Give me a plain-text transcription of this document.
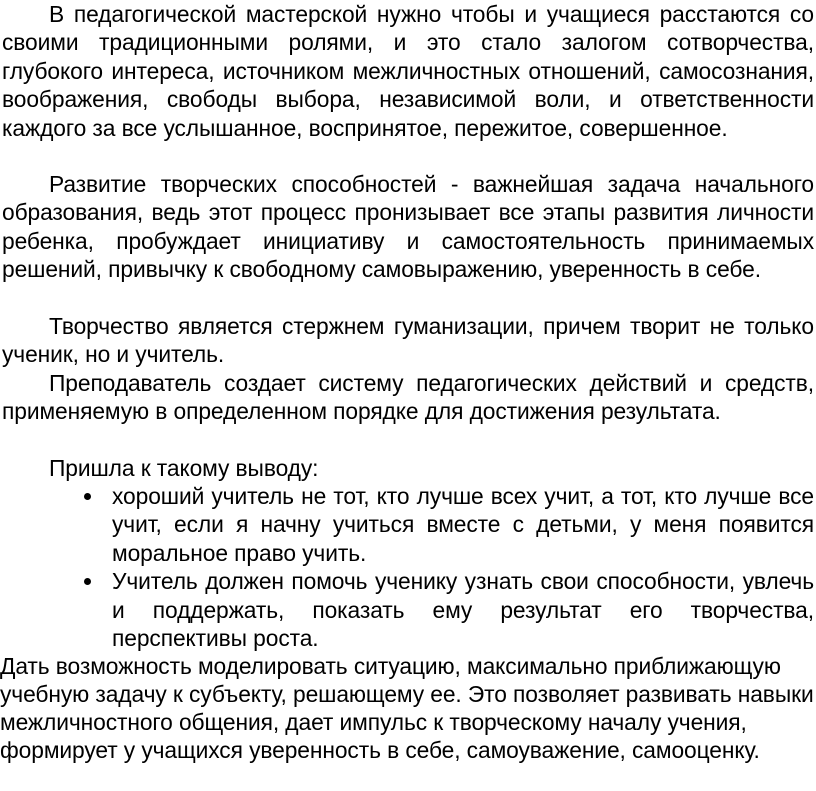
В педагогической мастерской нужно чтобы и учащиеся расстаются со своими традиционными ролями, и это стало залогом сотворчества, глубокого интереса, источником межличностных отношений, самосознания, воображения, свободы выбора, независимой воли, и ответственности каждого за все услышанное, воспринятое, пережитое, совершенное.

Развитие творческих способностей - важнейшая задача начального образования, ведь этот процесс пронизывает все этапы развития личности ребенка, пробуждает инициативу и самостоятельность принимаемых решений, привычку к свободному самовыражению, уверенность в себе.

Творчество является стержнем гуманизации, причем творит не только ученик, но и учитель.

Преподаватель создает систему педагогических действий и средств, применяемую в определенном порядке для достижения результата.

Пришла к такому выводу:

хороший учитель не тот, кто лучше всех учит, а тот, кто лучше все учит, если я начну учиться вместе с детьми, у меня появится моральное право учить.
Учитель должен помочь ученику узнать свои способности, увлечь и поддержать, показать ему результат его творчества, перспективы роста.

Дать возможность моделировать ситуацию, максимально приближающую учебную задачу к субъекту, решающему ее. Это позволяет развивать навыки межличностного общения, дает импульс к творческому началу учения, формирует у учащихся уверенность в себе, самоуважение, самооценку.
